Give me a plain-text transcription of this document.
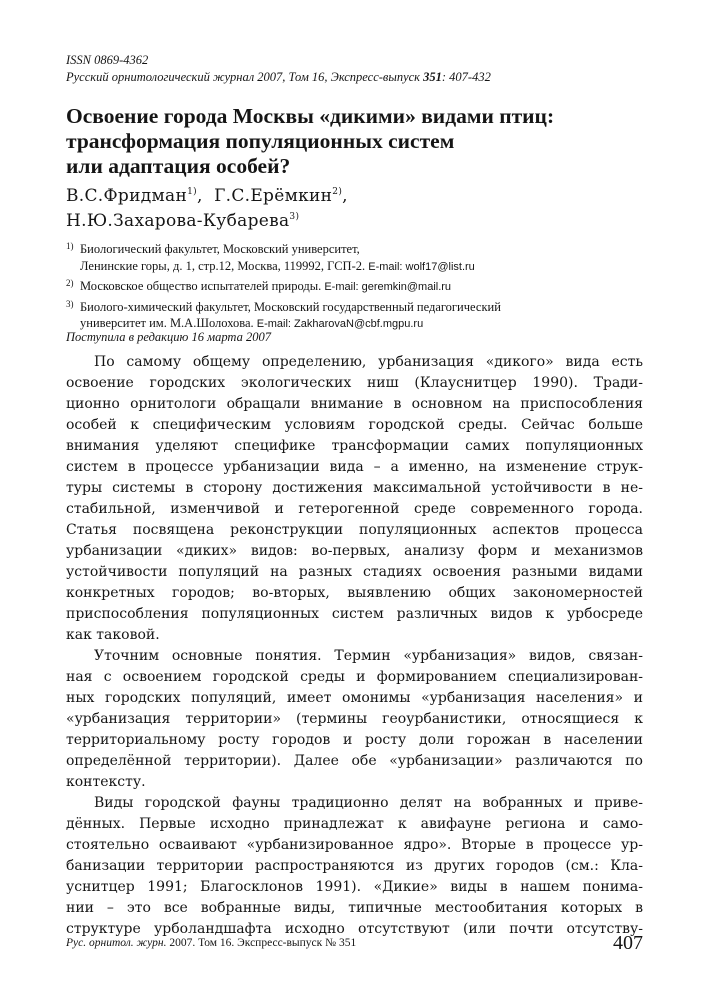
ISSN 0869-4362
Русский орнитологический журнал 2007, Том 16, Экспресс-выпуск 351: 407-432
Освоение города Москвы «дикими» видами птиц:
трансформация популяционных систем
или адаптация особей?
В.С.Фридман$^{1)}$,  Г.С.Ерёмкин$^{2)}$,
Н.Ю.Захарова-Кубарева$^{3)}$
1) Биологический факультет, Московский университет,
Ленинские горы, д. 1, стр.12, Москва, 119992, ГСП-2. E-mail: wolf17@list.ru
2) Московское общество испытателей природы. E-mail: geremkin@mail.ru
3) Биолого-химический факультет, Московский государственный педагогический
университет им. М.А.Шолохова. E-mail: ZakharovaN@cbf.mgpu.ru
Поступила в редакцию 16 марта 2007
По самому общему определению, урбанизация «дикого» вида есть
освоение городских экологических ниш (Клауснитцер 1990). Тради-
ционно орнитологи обращали внимание в основном на приспособления
особей к специфическим условиям городской среды. Сейчас больше
внимания уделяют специфике трансформации самих популяционных
систем в процессе урбанизации вида – а именно, на изменение струк-
туры системы в сторону достижения максимальной устойчивости в не-
стабильной, изменчивой и гетерогенной среде современного города.
Статья посвящена реконструкции популяционных аспектов процесса
урбанизации «диких» видов: во-первых, анализу форм и механизмов
устойчивости популяций на разных стадиях освоения разными видами
конкретных городов; во-вторых, выявлению общих закономерностей
приспособления популяционных систем различных видов к урбосреде
как таковой.
Уточним основные понятия. Термин «урбанизация» видов, связан-
ная с освоением городской среды и формированием специализирован-
ных городских популяций, имеет омонимы «урбанизация населения» и
«урбанизация территории» (термины геоурбанистики, относящиеся к
территориальному росту городов и росту доли горожан в населении
определённой территории). Далее обе «урбанизации» различаются по
контексту.
Виды городской фауны традиционно делят на вобранных и приве-
дённых. Первые исходно принадлежат к авифауне региона и само-
стоятельно осваивают «урбанизированное ядро». Вторые в процессе ур-
банизации территории распространяются из других городов (см.: Кла-
уснитцер 1991; Благосклонов 1991). «Дикие» виды в нашем понима-
нии – это все вобранные виды, типичные местообитания которых в
структуре урболандшафта исходно отсутствуют (или почти отсутству-
Рус. орнитол. журн. 2007. Том 16. Экспресс-выпуск № 351	407
